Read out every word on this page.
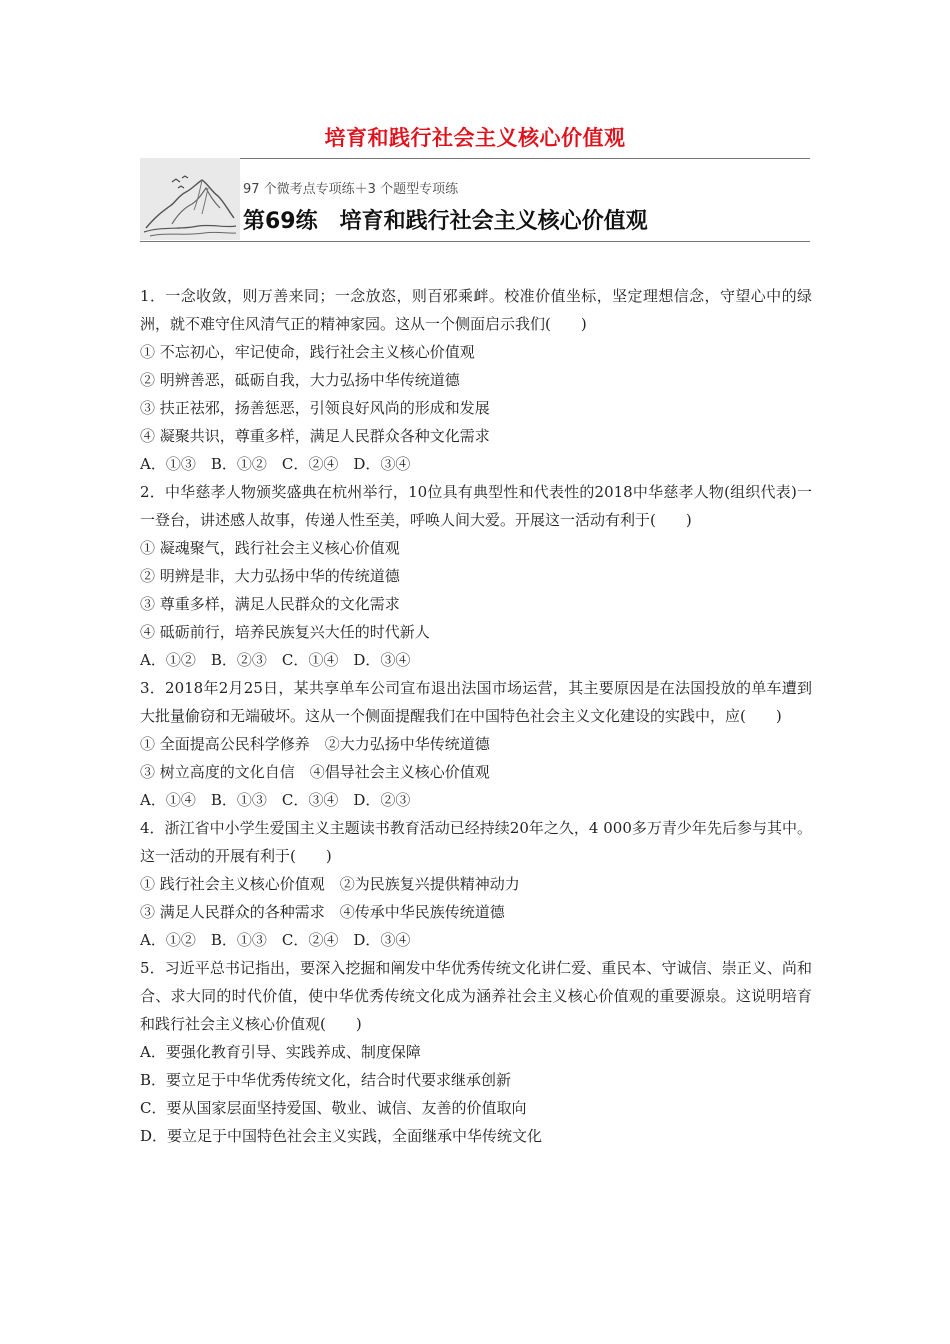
培育和践行社会主义核心价值观
97 个微考点专项练＋3 个题型专项练
第69练　培育和践行社会主义核心价值观

1．一念收敛，则万善来同；一念放恣，则百邪乘衅。校准价值坐标，坚定理想信念，守望心中的绿洲，就不难守住风清气正的精神家园。这从一个侧面启示我们(　　)

① 不忘初心，牢记使命，践行社会主义核心价值观

② 明辨善恶，砥砺自我，大力弘扬中华传统道德

③ 扶正祛邪，扬善惩恶，引领良好风尚的形成和发展

④ 凝聚共识，尊重多样，满足人民群众各种文化需求

A．①③　B．①②　C．②④　D．③④

2．中华慈孝人物颁奖盛典在杭州举行，10位具有典型性和代表性的2018中华慈孝人物(组织代表)一一登台，讲述感人故事，传递人性至美，呼唤人间大爱。开展这一活动有利于(　　)

① 凝魂聚气，践行社会主义核心价值观

② 明辨是非，大力弘扬中华的传统道德

③ 尊重多样，满足人民群众的文化需求

④ 砥砺前行，培养民族复兴大任的时代新人

A．①②　B．②③　C．①④　D．③④

3．2018年2月25日，某共享单车公司宣布退出法国市场运营，其主要原因是在法国投放的单车遭到大批量偷窃和无端破坏。这从一个侧面提醒我们在中国特色社会主义文化建设的实践中，应(　　)

① 全面提高公民科学修养　②大力弘扬中华传统道德

③ 树立高度的文化自信　④倡导社会主义核心价值观

A．①④　B．①③　C．③④　D．②③

4．浙江省中小学生爱国主义主题读书教育活动已经持续20年之久，4 000多万青少年先后参与其中。这一活动的开展有利于(　　)

① 践行社会主义核心价值观　②为民族复兴提供精神动力

③ 满足人民群众的各种需求　④传承中华民族传统道德

A．①②　B．①③　C．②④　D．③④

5．习近平总书记指出，要深入挖掘和阐发中华优秀传统文化讲仁爱、重民本、守诚信、崇正义、尚和合、求大同的时代价值，使中华优秀传统文化成为涵养社会主义核心价值观的重要源泉。这说明培育和践行社会主义核心价值观(　　)

A．要强化教育引导、实践养成、制度保障

B．要立足于中华优秀传统文化，结合时代要求继承创新

C．要从国家层面坚持爱国、敬业、诚信、友善的价值取向

D．要立足于中国特色社会主义实践，全面继承中华传统文化
